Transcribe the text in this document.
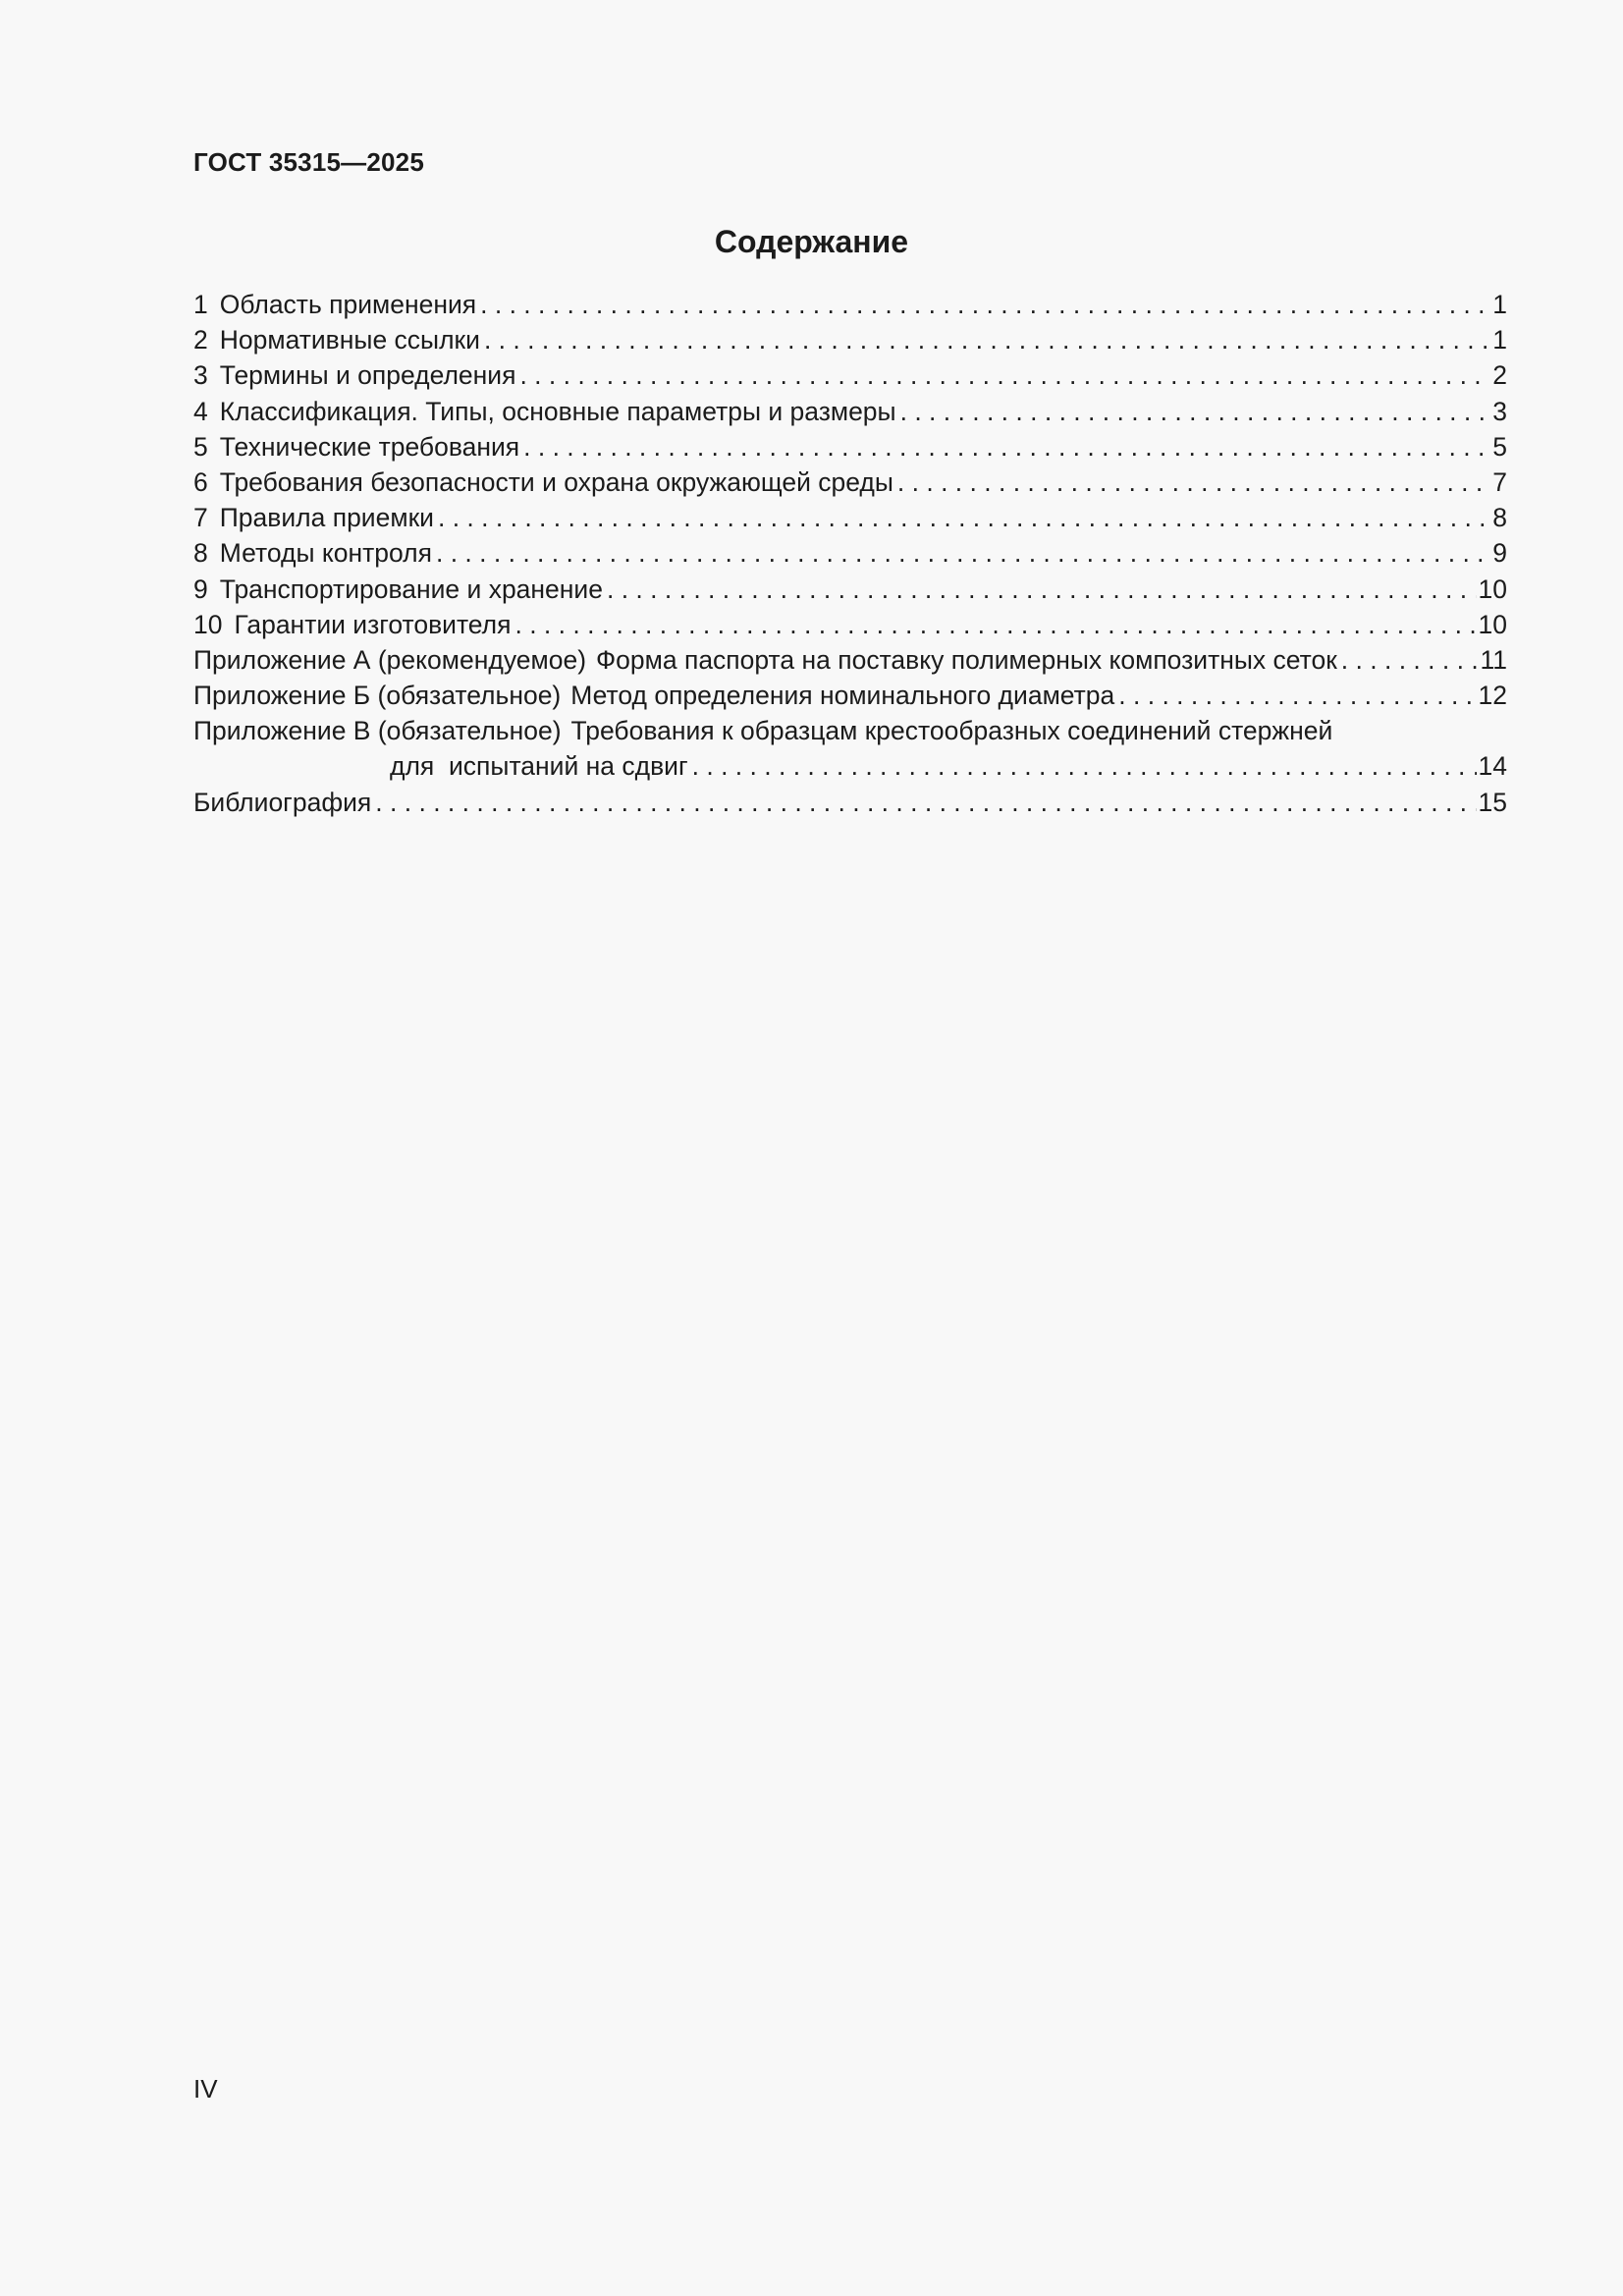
ГОСТ 35315—2025
Содержание
1 Область применения . . .	1
2 Нормативные ссылки . . .	1
3 Термины и определения . . .	2
4 Классификация. Типы, основные параметры и размеры . . .	3
5 Технические требования . . .	5
6 Требования безопасности и охрана окружающей среды . . .	7
7 Правила приемки . . .	8
8 Методы контроля . . .	9
9 Транспортирование и хранение . . .	10
10 Гарантии изготовителя . . .	10
Приложение А (рекомендуемое) Форма паспорта на поставку полимерных композитных сеток . . .	11
Приложение Б (обязательное) Метод определения номинального диаметра . . .	12
Приложение В (обязательное) Требования к образцам крестообразных соединений стержней
для  испытаний на сдвиг . . .	14
Библиография . . .	15

IV
